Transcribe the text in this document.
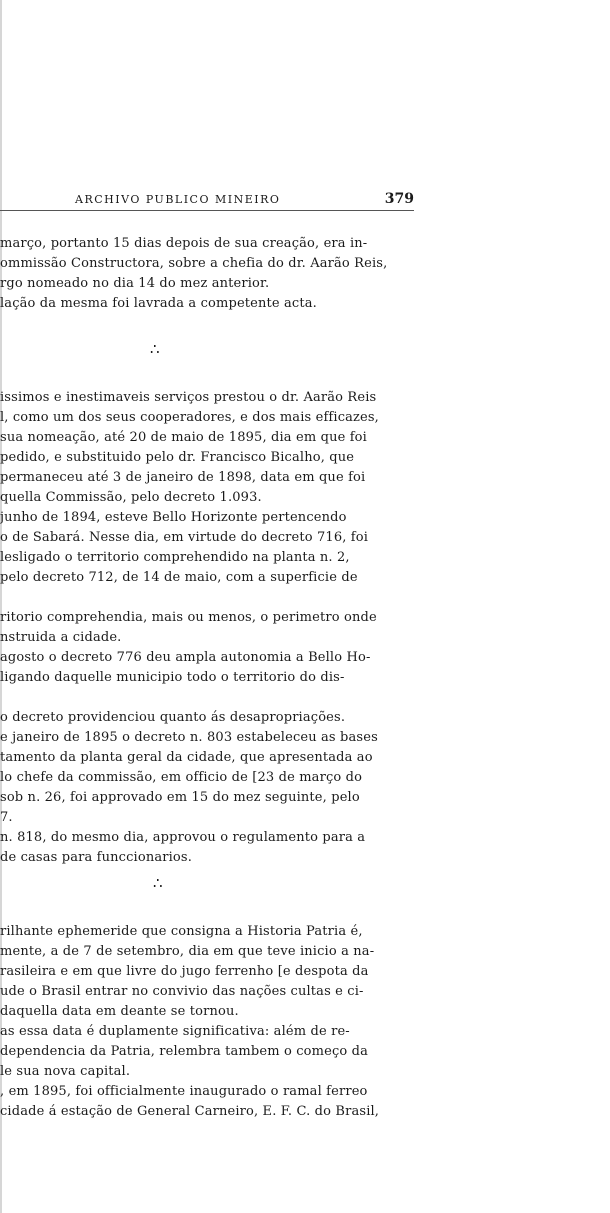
ARCHIVO PUBLICO MINEIRO	379
março, portanto 15 dias depois de sua creação, era in-
ommissão Constructora, sobre a chefia do dr. Aarão Reis,
rgo nomeado no dia 14 do mez anterior.
lação da mesma foi lavrada a competente acta.
∴
issimos e inestimaveis serviços prestou o dr. Aarão Reis
l, como um dos seus cooperadores, e dos mais efficazes,
sua nomeação, até 20 de maio de 1895, dia em que foi
pedido, e substituido pelo dr. Francisco Bicalho, que
permaneceu até 3 de janeiro de 1898, data em que foi
quella Commissão, pelo decreto 1.093.
junho de 1894, esteve Bello Horizonte pertencendo
o de Sabará. Nesse dia, em virtude do decreto 716, foi
lesligado o territorio comprehendido na planta n. 2,
pelo decreto 712, de 14 de maio, com a superficie de
ritorio comprehendia, mais ou menos, o perimetro onde
nstruida a cidade.
agosto o decreto 776 deu ampla autonomia a Bello Ho-
ligando daquelle municipio todo o territorio do dis-
o decreto providenciou quanto ás desapropriações.
e janeiro de 1895 o decreto n. 803 estabeleceu as bases
tamento da planta geral da cidade, que apresentada ao
lo chefe da commissão, em officio de [23 de março do
sob n. 26, foi approvado em 15 do mez seguinte, pelo
7.
n. 818, do mesmo dia, approvou o regulamento para a
de casas para funccionarios.
∴
rilhante ephemeride que consigna a Historia Patria é,
mente, a de 7 de setembro, dia em que teve inicio a na-
rasileira e em que livre do jugo ferrenho [e despota da
ude o Brasil entrar no convivio das nações cultas e ci-
daquella data em deante se tornou.
as essa data é duplamente significativa: além de re-
dependencia da Patria, relembra tambem o começo da
le sua nova capital.
, em 1895, foi officialmente inaugurado o ramal ferreo
cidade á estação de General Carneiro, E. F. C. do Brasil,
